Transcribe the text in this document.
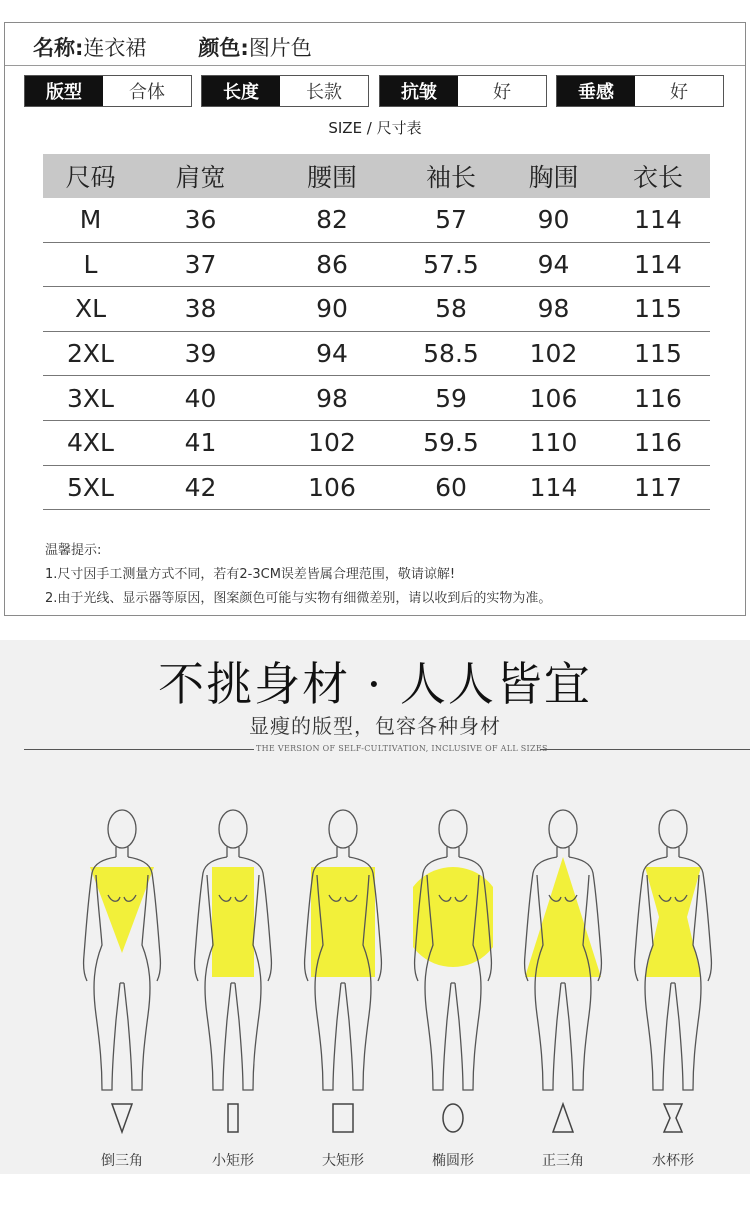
名称:连衣裙 颜色:图片色
版型	合体	长度	长款	抗皱	好	垂感	好
SIZE / 尺寸表
尺码	肩宽	腰围	袖长	胸围	衣长
M	36	82	57	90	114
L	37	86	57.5	94	114
XL	38	90	58	98	115
2XL	39	94	58.5	102	115
3XL	40	98	59	106	116
4XL	41	102	59.5	110	116
5XL	42	106	60	114	117
温馨提示:
1.尺寸因手工测量方式不同，若有2-3CM误差皆属合理范围，敬请谅解!
2.由于光线、显示器等原因，图案颜色可能与实物有细微差别，请以收到后的实物为准。
不挑身材 · 人人皆宜
显瘦的版型，包容各种身材
THE VERSION OF SELF-CULTIVATION, INCLUSIVE OF ALL SIZES
倒三角	小矩形	大矩形	椭圆形	正三角	水杯形
